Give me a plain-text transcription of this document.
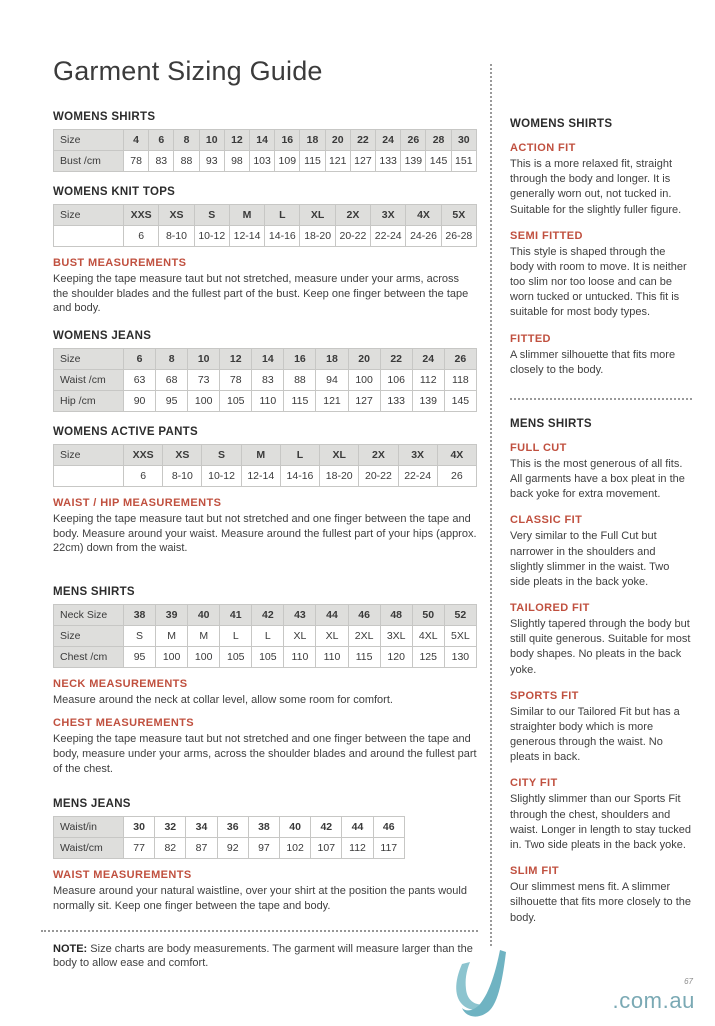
Garment Sizing Guide
WOMENS SHIRTS
Size	4	6	8	10	12	14	16	18	20	22	24	26	28	30
Bust /cm	78	83	88	93	98	103	109	115	121	127	133	139	145	151
WOMENS KNIT TOPS
Size	XXS	XS	S	M	L	XL	2X	3X	4X	5X
	6	8-10	10-12	12-14	14-16	18-20	20-22	22-24	24-26	26-28
BUST MEASUREMENTS

Keeping the tape measure taut but not stretched, measure under your arms, across the shoulder blades and the fullest part of the bust. Keep one finger between the tape and body.

WOMENS JEANS
Size	6	8	10	12	14	16	18	20	22	24	26
Waist /cm	63	68	73	78	83	88	94	100	106	112	118
Hip /cm	90	95	100	105	110	115	121	127	133	139	145
WOMENS ACTIVE PANTS
Size	XXS	XS	S	M	L	XL	2X	3X	4X
	6	8-10	10-12	12-14	14-16	18-20	20-22	22-24	26
WAIST / HIP MEASUREMENTS

Keeping the tape measure taut but not stretched and one finger between the tape and body. Measure around your waist. Measure around the fullest part of your hips (approx. 22cm) down from the waist.

MENS SHIRTS
Neck Size	38	39	40	41	42	43	44	46	48	50	52
Size	S	M	M	L	L	XL	XL	2XL	3XL	4XL	5XL
Chest /cm	95	100	100	105	105	110	110	115	120	125	130
NECK MEASUREMENTS

Measure around the neck at collar level, allow some room for comfort.

CHEST MEASUREMENTS

Keeping the tape measure taut but not stretched and one finger between the tape and body, measure under your arms, across the shoulder blades and around the fullest part of the chest.

MENS JEANS
Waist/in	30	32	34	36	38	40	42	44	46
Waist/cm	77	82	87	92	97	102	107	112	117
WAIST MEASUREMENTS

Measure around your natural waistline, over your shirt at the position the pants would normally sit. Keep one finger between the tape and body.

NOTE: Size charts are body measurements. The garment will measure larger than the body to allow ease and comfort.

WOMENS SHIRTS
ACTION FIT

This is a more relaxed fit, straight through the body and longer. It is generally worn out, not tucked in. Suitable for the slightly fuller figure.

SEMI FITTED

This style is shaped through the body with room to move. It is neither too slim nor too loose and can be worn tucked or untucked. This fit is suitable for most body types.

FITTED

A slimmer silhouette that fits more closely to the body.

MENS SHIRTS
FULL CUT

This is the most generous of all fits. All garments have a box pleat in the back yoke for extra movement.

CLASSIC FIT

Very similar to the Full Cut but narrower in the shoulders and slightly slimmer in the waist. Two side pleats in the back yoke.

TAILORED FIT

Slightly tapered through the body but still quite generous. Suitable for most body shapes. No pleats in the back yoke.

SPORTS FIT

Similar to our Tailored Fit but has a straighter body which is more generous through the waist. No pleats in back.

CITY FIT

Slightly slimmer than our Sports Fit through the chest, shoulders and waist. Longer in length to stay tucked in. Two side pleats in the back yoke.

SLIM FIT

Our slimmest mens fit. A slimmer silhouette that fits more closely to the body.

67
.com.au
